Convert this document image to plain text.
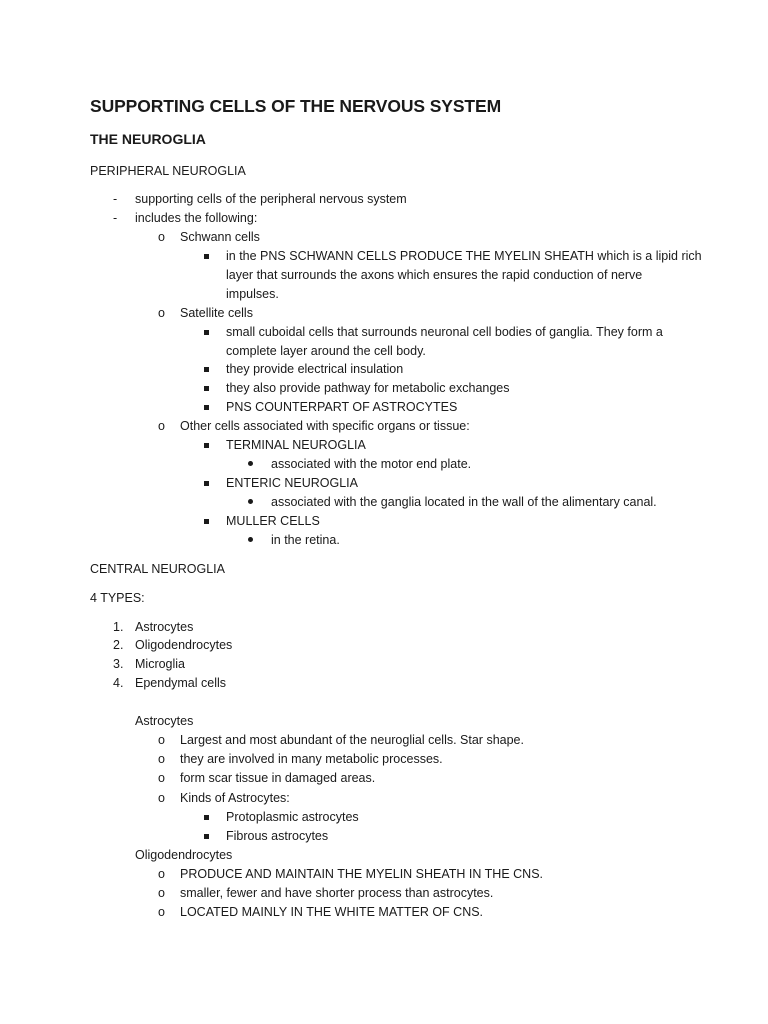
SUPPORTING CELLS OF THE NERVOUS SYSTEM
THE NEUROGLIA
PERIPHERAL NEUROGLIA
- supporting cells of the peripheral nervous system
- includes the following:
o Schwann cells
in the PNS SCHWANN CELLS PRODUCE THE MYELIN SHEATH which is a lipid rich
layer that surrounds the axons which ensures the rapid conduction of nerve
impulses.
o Satellite cells
small cuboidal cells that surrounds neuronal cell bodies of ganglia. They form a
complete layer around the cell body.
they provide electrical insulation
they also provide pathway for metabolic exchanges
PNS COUNTERPART OF ASTROCYTES
o Other cells associated with specific organs or tissue:
TERMINAL NEUROGLIA
associated with the motor end plate.
ENTERIC NEUROGLIA
associated with the ganglia located in the wall of the alimentary canal.
MULLER CELLS
in the retina.
CENTRAL NEUROGLIA
4 TYPES:
1. Astrocytes
2. Oligodendrocytes
3. Microglia
4. Ependymal cells
Astrocytes
o Largest and most abundant of the neuroglial cells. Star shape.
o they are involved in many metabolic processes.
o form scar tissue in damaged areas.
o Kinds of Astrocytes:
Protoplasmic astrocytes
Fibrous astrocytes
Oligodendrocytes
o PRODUCE AND MAINTAIN THE MYELIN SHEATH IN THE CNS.
o smaller, fewer and have shorter process than astrocytes.
o LOCATED MAINLY IN THE WHITE MATTER OF CNS.
